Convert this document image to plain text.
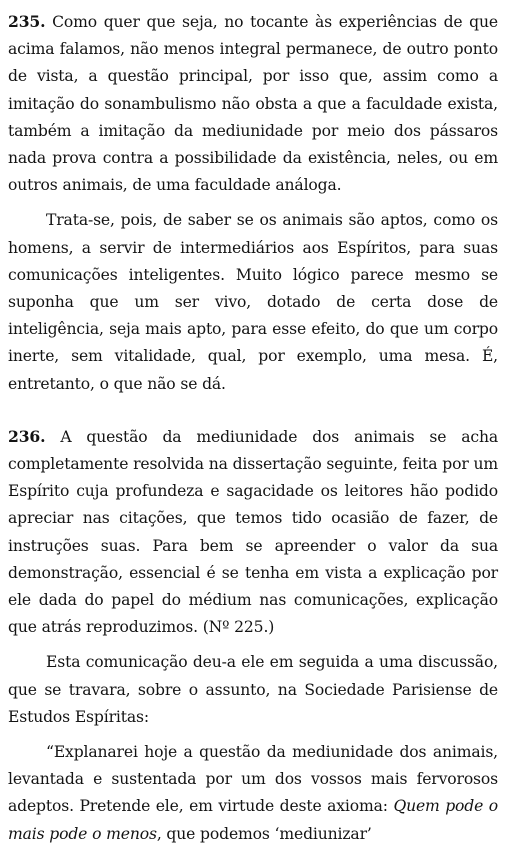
235. Como quer que seja, no tocante às experiências de que acima falamos, não menos integral permanece, de outro ponto de vista, a questão principal, por isso que, assim como a imitação do sonambulismo não obsta a que a faculdade exista, também a imitação da mediunidade por meio dos pássaros nada prova contra a possibilidade da existência, neles, ou em outros animais, de uma faculdade análoga.

Trata-se, pois, de saber se os animais são aptos, como os homens, a servir de intermediários aos Espíritos, para suas comunicações inteligentes. Muito lógico parece mesmo se suponha que um ser vivo, dotado de certa dose de inteligência, seja mais apto, para esse efeito, do que um corpo inerte, sem vitalidade, qual, por exemplo, uma mesa. É, entretanto, o que não se dá.

236. A questão da mediunidade dos animais se acha completamente resolvida na dissertação seguinte, feita por um Espírito cuja profundeza e sagacidade os leitores hão podido apreciar nas citações, que temos tido ocasião de fazer, de instruções suas. Para bem se apreender o valor da sua demonstração, essencial é se tenha em vista a explicação por ele dada do papel do médium nas comunicações, explicação que atrás reproduzimos. (Nº 225.)

Esta comunicação deu-a ele em seguida a uma discussão, que se travara, sobre o assunto, na Sociedade Parisiense de Estudos Espíritas:

“Explanarei hoje a questão da mediunidade dos animais, levantada e sustentada por um dos vossos mais fervorosos adeptos. Pretende ele, em virtude deste axioma: Quem pode o mais pode o menos, que podemos ‘mediunizar’
